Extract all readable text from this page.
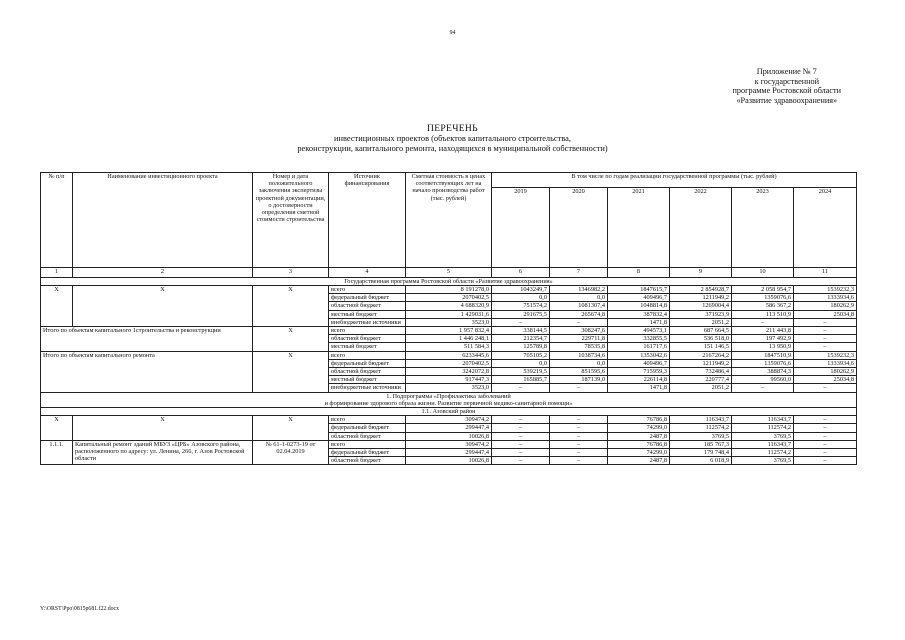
94
Приложение № 7
к государственной
программе Ростовской области
«Развитие здравоохранения»
ПЕРЕЧЕНЬ
инвестиционных проектов (объектов капитального строительства,
реконструкции, капитального ремонта, находящихся в муниципальной собственности)
№ п/п	Наименование инвестиционного проекта	Номер и дата положительного заключения экспертизы проектной документации, о достоверности определения сметной стоимости строительства	Источник финансирования	Сметная стоимость в ценах соответствующих лет на начало производства работ (тыс. рублей)	В том числе по годам реализации государственной программы (тыс. рублей)					
					2019	2020	2021	2022	2023	2024
1	2	3	4	5	6	7	8	9	10	11
Государственная программа Ростовской области «Развитие здравоохранения»										
Х	Х	Х	всего	8 191278,0	1043249,7	1346982,2	1847615,7	2 854928,7	2 058 954,7	1539232,3
			федеральный бюджет	2070402,5	0,0	0,0	409496,7	1211949,2	1359076,6	1333934,6
			областной бюджет	4 688320,9	751574,2	1081307,4	1048814,8	1269004,4	586 367,2	180262,9
			местный бюджет	1 429031,6	291675,5	265674,8	387832,4	371923,9	113 510,9	25034,8
			внебюджетные источники	3523,0	–	–	1471,8	2051,2	–	–
Итого по объектам капитального 1строительства и реконструкции		Х	всего	1 957 832,4	338144,5	308247,6	494573,1	687 664,5	211 443,8	–
			областной бюджет	1 446 248,1	212354,7	229711,8	332855,5	536 518,0	197 492,9	–
			местный бюджет	511 584,3	125789,8	78535,8	161717,6	151 146,5	13 950,9	–
Итого по объектам капитального ремонта		Х	всего	6233445,6	705105,2	1038734,6	1353042,6	2167264,2	1847510,9	1539232,3
			федеральный бюджет	2070402,5	0,0	0,0	409496,7	1211949,2	1359076,6	1333934,6
			областной бюджет	3242072,8	539219,5	851595,6	715959,3	732486,4	388874,3	180262,9
			местный бюджет	917447,3	165885,7	187139,0	226114,8	220777,4	99560,0	25034,8
			внебюджетные источники	3523,0	–	–	1471,8	2051,2	–	–

1. Подпрограмма «Профилактика заболеваний
и формирование здорового образа жизни. Развитие первичной медико-санитарной помощи»										

1.1. Азовский район										
Х	Х	Х	всего	309474,2	–	–	76786,8	116343,7	116343,7	–
			федеральный бюджет	299447,4	–	–	74299,0	112574,2	112574,2	–
			областной бюджет	10026,8	–	–	2487,8	3769,5	3769,5	–
1.1.1.	Капитальный ремонт зданий МБУЗ «ЦРБ» Азовского района, расположенного по адресу: ул. Ленина, 266, г. Азов Ростовской области	№ 61-1-0273-19 от 02.04.2019	всего	309474,2	–	–	76786,8	185 767,3	116343,7	–
			федеральный бюджет	299447,4	–	–	74299,0	179 748,4	112574,2	–
			областной бюджет	10026,8	–	–	2487,8	6 018,9	3769,5	–
Y:\ORST\Ppo\0815p681.f22.docx
